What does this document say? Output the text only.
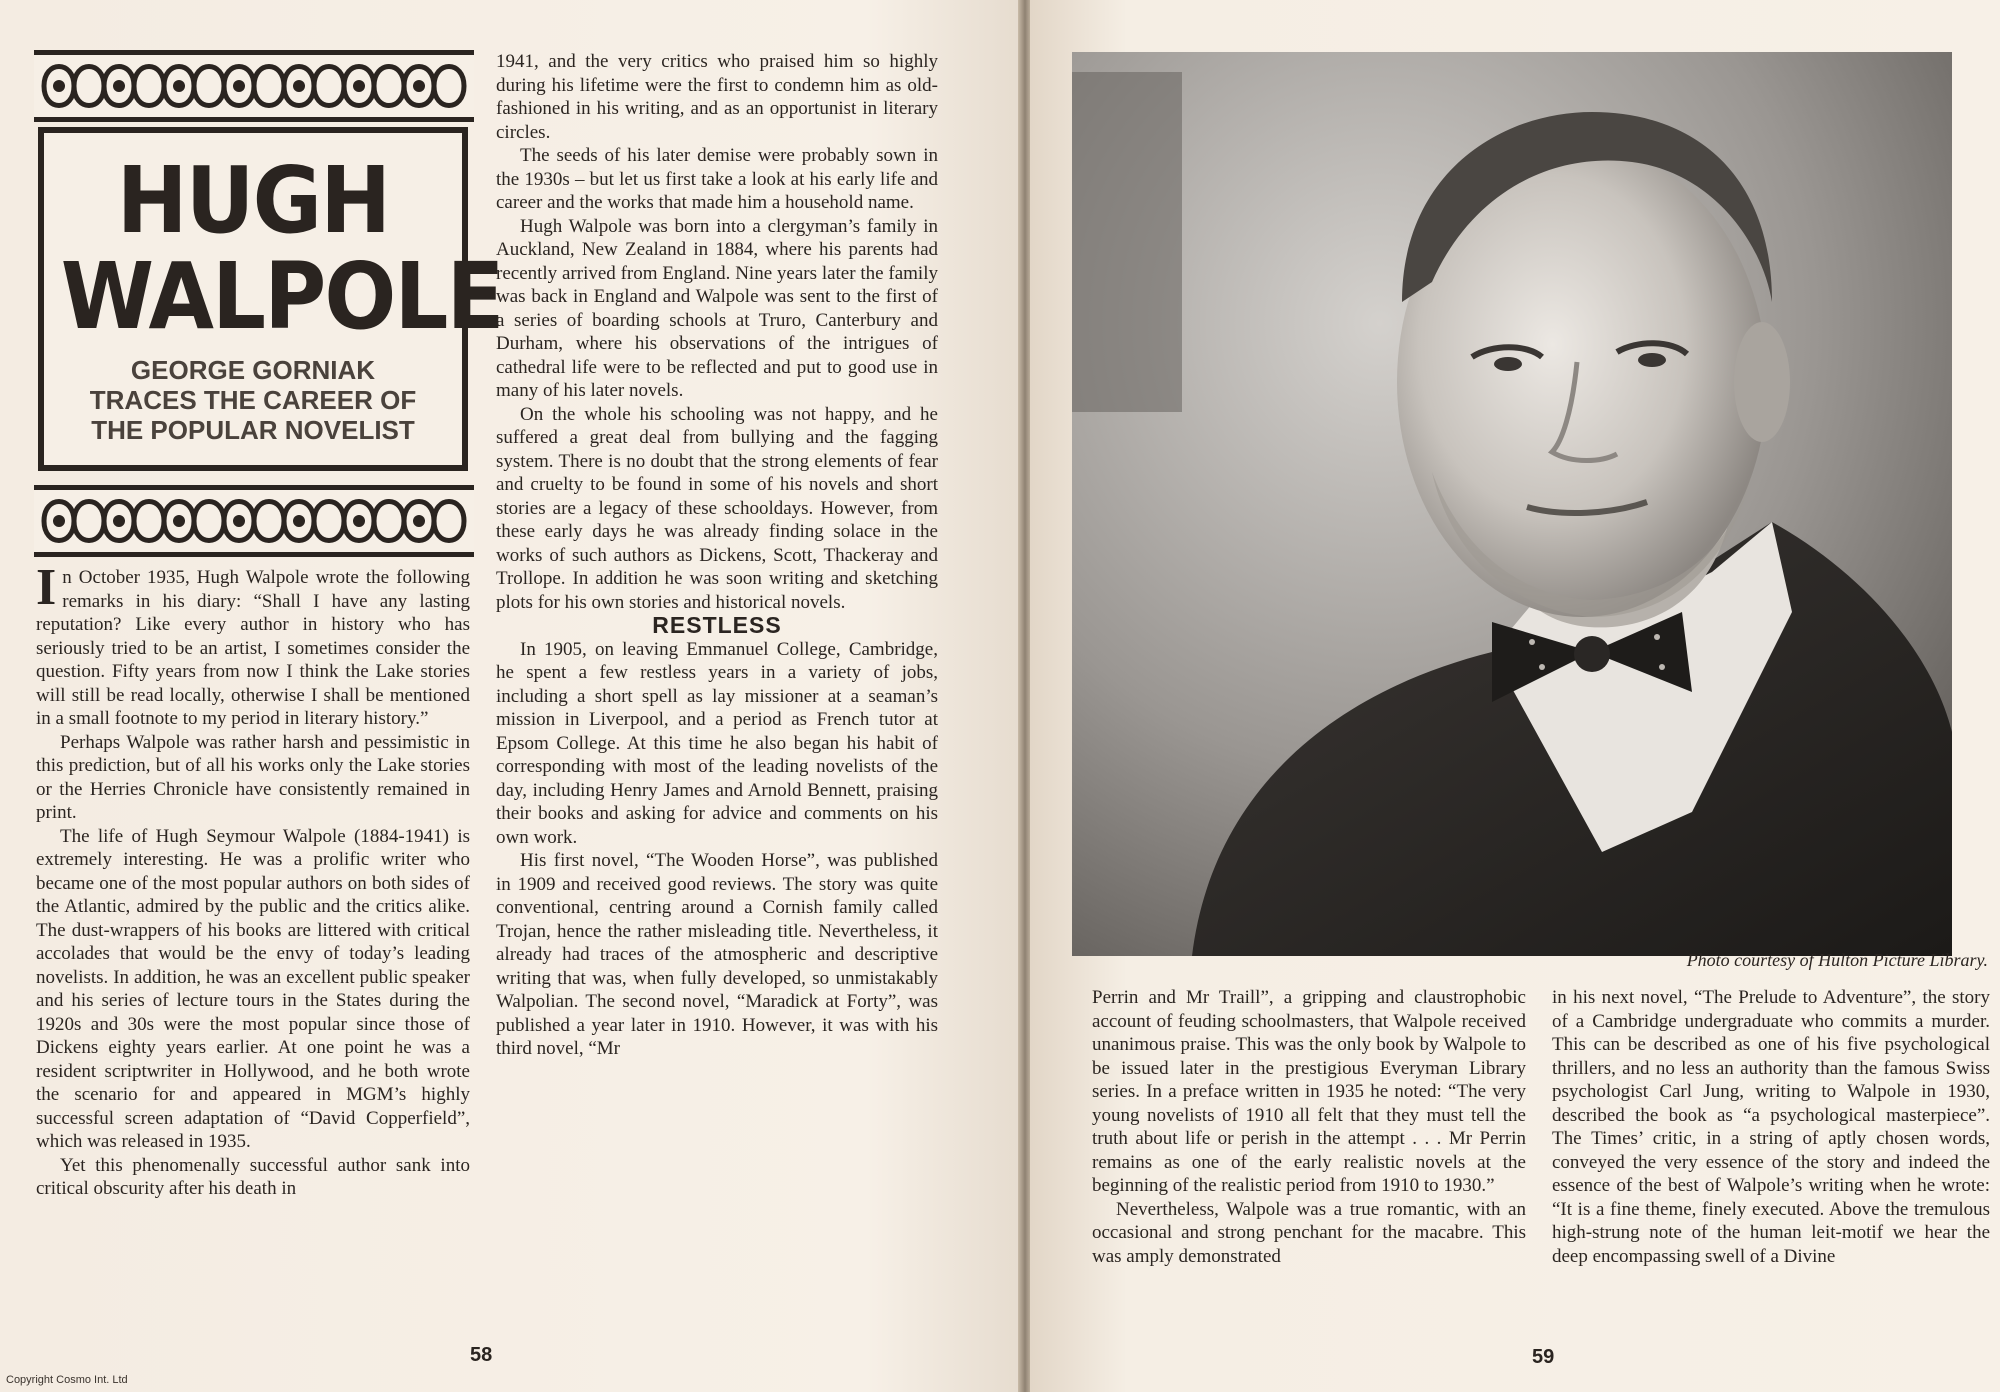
HUGH
WALPOLE
GEORGE GORNIAK
TRACES THE CAREER OF
THE POPULAR NOVELIST

In October 1935, Hugh Walpole wrote the following remarks in his diary: “Shall I have any lasting reputation? Like every author in history who has seriously tried to be an artist, I sometimes consider the question. Fifty years from now I think the Lake stories will still be read locally, otherwise I shall be mentioned in a small footnote to my period in literary history.”

Perhaps Walpole was rather harsh and pessimistic in this prediction, but of all his works only the Lake stories or the Herries Chronicle have consistently remained in print.

The life of Hugh Seymour Walpole (1884-1941) is extremely interesting. He was a prolific writer who became one of the most popular authors on both sides of the Atlantic, admired by the public and the critics alike. The dust-wrappers of his books are littered with critical accolades that would be the envy of today’s leading novelists. In addition, he was an excellent public speaker and his series of lecture tours in the States during the 1920s and 30s were the most popular since those of Dickens eighty years earlier. At one point he was a resident scriptwriter in Hollywood, and he both wrote the scenario for and appeared in MGM’s highly successful screen adaptation of “David Copperfield”, which was released in 1935.

Yet this phenomenally successful author sank into critical obscurity after his death in

1941, and the very critics who praised him so highly during his lifetime were the first to condemn him as old-fashioned in his writing, and as an opportunist in literary circles.

The seeds of his later demise were probably sown in the 1930s – but let us first take a look at his early life and career and the works that made him a household name.

Hugh Walpole was born into a clergyman’s family in Auckland, New Zealand in 1884, where his parents had recently arrived from England. Nine years later the family was back in England and Walpole was sent to the first of a series of boarding schools at Truro, Canterbury and Durham, where his observations of the intrigues of cathedral life were to be reflected and put to good use in many of his later novels.

On the whole his schooling was not happy, and he suffered a great deal from bullying and the fagging system. There is no doubt that the strong elements of fear and cruelty to be found in some of his novels and short stories are a legacy of these schooldays. However, from these early days he was already finding solace in the works of such authors as Dickens, Scott, Thackeray and Trollope. In addition he was soon writing and sketching plots for his own stories and historical novels.

RESTLESS

In 1905, on leaving Emmanuel College, Cambridge, he spent a few restless years in a variety of jobs, including a short spell as lay missioner at a seaman’s mission in Liverpool, and a period as French tutor at Epsom College. At this time he also began his habit of corresponding with most of the leading novelists of the day, including Henry James and Arnold Bennett, praising their books and asking for advice and comments on his own work.

His first novel, “The Wooden Horse”, was published in 1909 and received good reviews. The story was quite conventional, centring around a Cornish family called Trojan, hence the rather misleading title. Nevertheless, it already had traces of the atmospheric and descriptive writing that was, when fully developed, so unmistakably Walpolian. The second novel, “Maradick at Forty”, was published a year later in 1910. However, it was with his third novel, “Mr

58
Copyright Cosmo Int. Ltd
Photo courtesy of Hulton Picture Library.

Perrin and Mr Traill”, a gripping and claustrophobic account of feuding schoolmasters, that Walpole received unanimous praise. This was the only book by Walpole to be issued later in the prestigious Everyman Library series. In a preface written in 1935 he noted: “The very young novelists of 1910 all felt that they must tell the truth about life or perish in the attempt . . . Mr Perrin remains as one of the early realistic novels at the beginning of the realistic period from 1910 to 1930.”

Nevertheless, Walpole was a true romantic, with an occasional and strong penchant for the macabre. This was amply demonstrated

in his next novel, “The Prelude to Adventure”, the story of a Cambridge undergraduate who commits a murder. This can be described as one of his five psychological thrillers, and no less an authority than the famous Swiss psychologist Carl Jung, writing to Walpole in 1930, described the book as “a psychological masterpiece”. The Times’ critic, in a string of aptly chosen words, conveyed the very essence of the story and indeed the essence of the best of Walpole’s writing when he wrote: “It is a fine theme, finely executed. Above the tremulous high-strung note of the human leit-motif we hear the deep encompassing swell of a Divine

59
